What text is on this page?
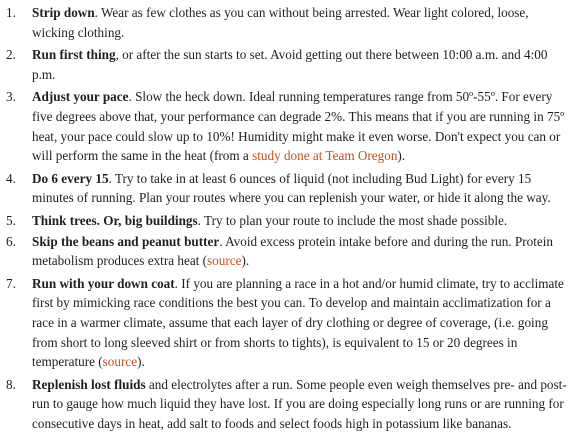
1.	Strip down. Wear as few clothes as you can without being arrested. Wear light colored, loose, wicking clothing.
2.	Run first thing, or after the sun starts to set. Avoid getting out there between 10:00 a.m. and 4:00 p.m.
3.	Adjust your pace. Slow the heck down. Ideal running temperatures range from 50º-55º. For every five degrees above that, your performance can degrade 2%. This means that if you are running in 75º heat, your pace could slow up to 10%! Humidity might make it even worse. Don't expect you can or will perform the same in the heat (from a study done at Team Oregon).
4.	Do 6 every 15. Try to take in at least 6 ounces of liquid (not including Bud Light) for every 15 minutes of running. Plan your routes where you can replenish your water, or hide it along the way.
5.	Think trees. Or, big buildings. Try to plan your route to include the most shade possible.
6.	Skip the beans and peanut butter. Avoid excess protein intake before and during the run. Protein metabolism produces extra heat (source).
7.	Run with your down coat. If you are planning a race in a hot and/or humid climate, try to acclimate first by mimicking race conditions the best you can. To develop and maintain acclimatization for a race in a warmer climate, assume that each layer of dry clothing or degree of coverage, (i.e. going from short to long sleeved shirt or from shorts to tights), is equivalent to 15 or 20 degrees in temperature (source).
8.	Replenish lost fluids and electrolytes after a run. Some people even weigh themselves pre- and post-run to gauge how much liquid they have lost. If you are doing especially long runs or are running for consecutive days in heat, add salt to foods and select foods high in potassium like bananas.
